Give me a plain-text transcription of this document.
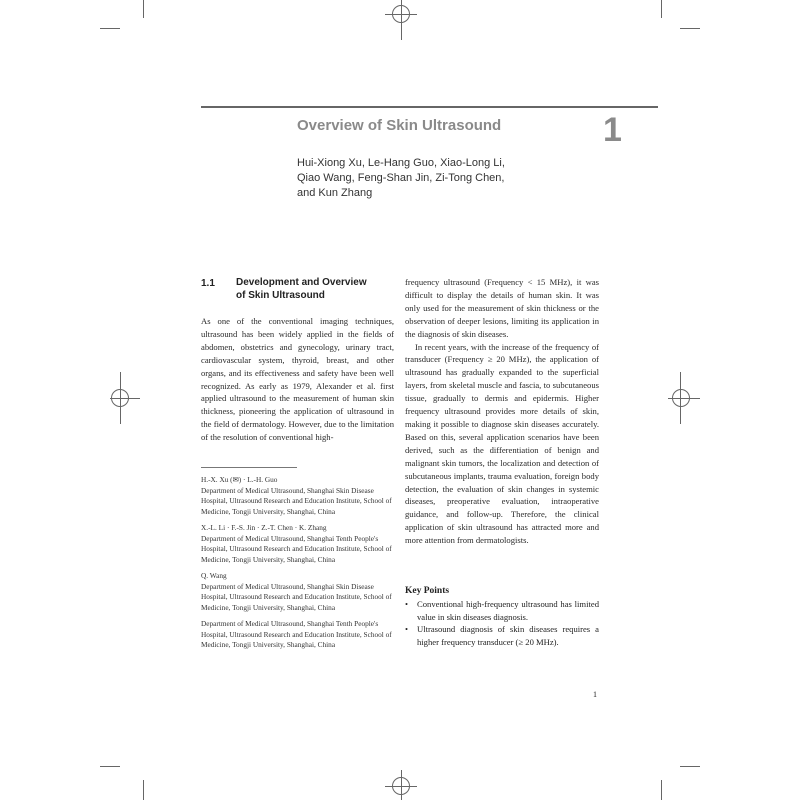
Overview of Skin Ultrasound	1
Hui-Xiong Xu, Le-Hang Guo, Xiao-Long Li,
Qiao Wang, Feng-Shan Jin, Zi-Tong Chen,
and Kun Zhang
1.1 Development and Overview
of Skin Ultrasound

As one of the conventional imaging techniques, ultrasound has been widely applied in the fields of abdomen, obstetrics and gynecology, urinary tract, cardiovascular system, thyroid, breast, and other organs, and its effectiveness and safety have been well recognized. As early as 1979, Alexander et al. first applied ultrasound to the measurement of human skin thickness, pioneering the application of ultrasound in the field of dermatology. However, due to the limitation of the resolution of conventional high-

H.-X. Xu (✉) · L.-H. Guo
Department of Medical Ultrasound, Shanghai Skin Disease Hospital, Ultrasound Research and Education Institute, School of Medicine, Tongji University, Shanghai, China
X.-L. Li · F.-S. Jin · Z.-T. Chen · K. Zhang
Department of Medical Ultrasound, Shanghai Tenth People's Hospital, Ultrasound Research and Education Institute, School of Medicine, Tongji University, Shanghai, China
Q. Wang
Department of Medical Ultrasound, Shanghai Skin Disease Hospital, Ultrasound Research and Education Institute, School of Medicine, Tongji University, Shanghai, China
Department of Medical Ultrasound, Shanghai Tenth People's Hospital, Ultrasound Research and Education Institute, School of Medicine, Tongji University, Shanghai, China

frequency ultrasound (Frequency < 15 MHz), it was difficult to display the details of human skin. It was only used for the measurement of skin thickness or the observation of deeper lesions, limiting its application in the diagnosis of skin diseases.

In recent years, with the increase of the frequency of transducer (Frequency ≥ 20 MHz), the application of ultrasound has gradually expanded to the superficial layers, from skeletal muscle and fascia, to subcutaneous tissue, gradually to dermis and epidermis. Higher frequency ultrasound provides more details of skin, making it possible to diagnose skin diseases accurately. Based on this, several application scenarios have been derived, such as the differentiation of benign and malignant skin tumors, the localization and detection of subcutaneous implants, trauma evaluation, foreign body detection, the evaluation of skin changes in systemic diseases, preoperative evaluation, intraoperative guidance, and follow-up. Therefore, the clinical application of skin ultrasound has attracted more and more attention from dermatologists.

Key Points
• Conventional high-frequency ultrasound has limited value in skin diseases diagnosis.
• Ultrasound diagnosis of skin diseases requires a higher frequency transducer (≥ 20 MHz).
1
